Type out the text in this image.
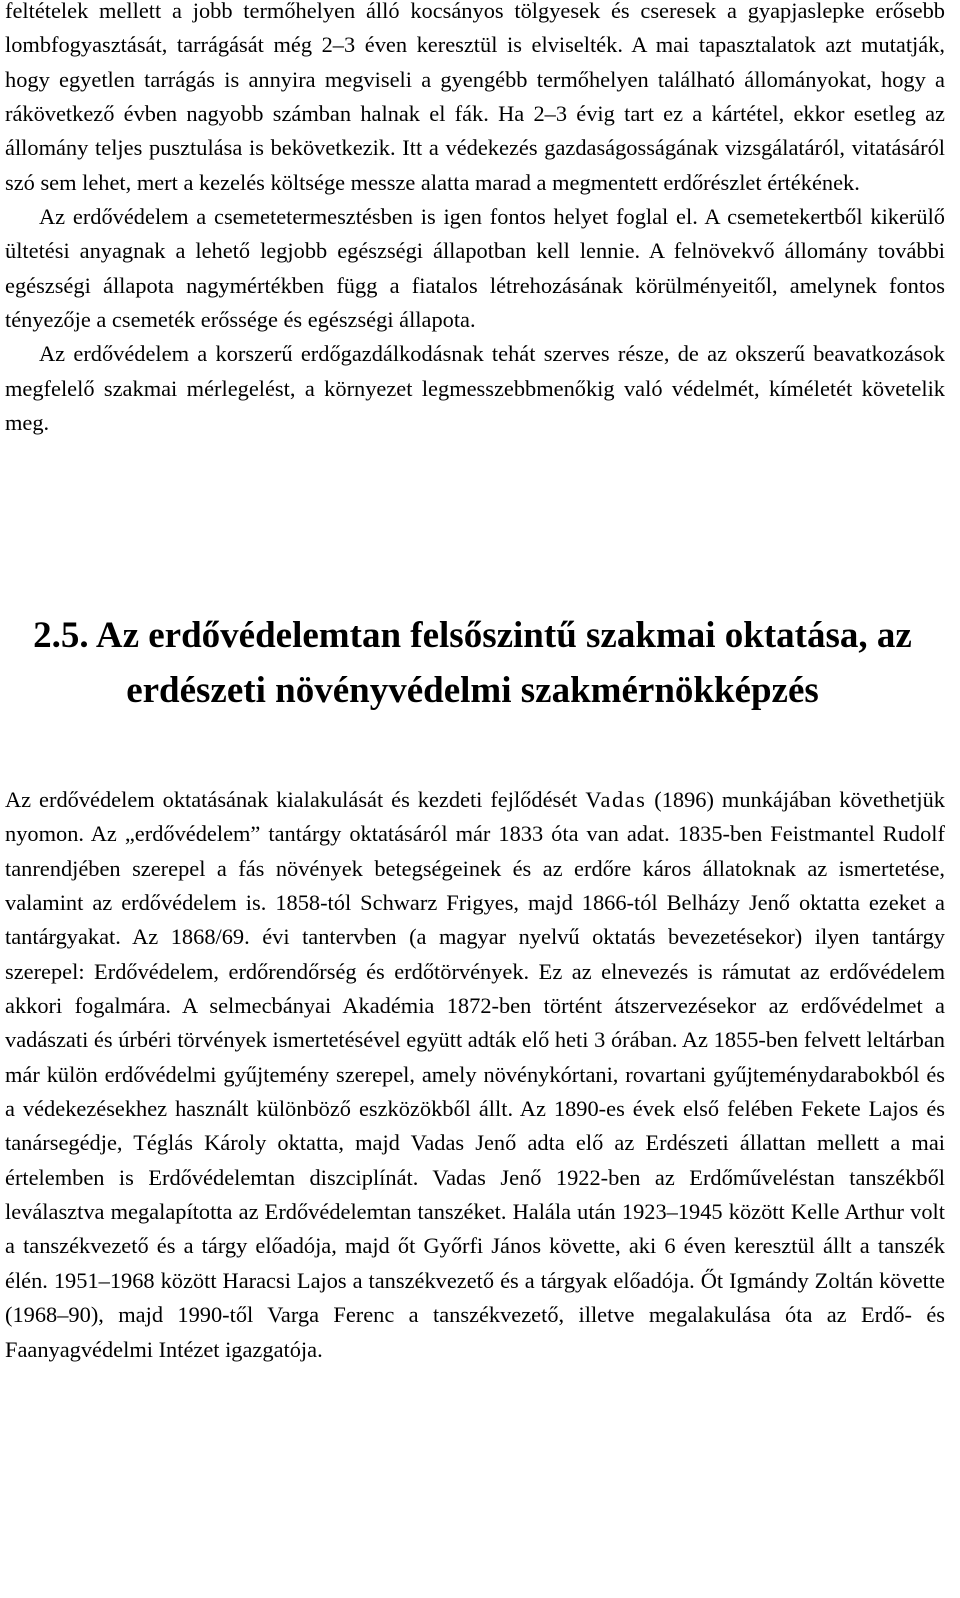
feltételek mellett a jobb termőhelyen álló kocsányos tölgyesek és cseresek a gyapjaslepke erősebb lombfogyasztását, tarrágását még 2–3 éven keresztül is elviselték. A mai tapasztalatok azt mutatják, hogy egyetlen tarrágás is annyira megviseli a gyengébb termőhelyen található állományokat, hogy a rákövetkező évben nagyobb számban halnak el fák. Ha 2–3 évig tart ez a kártétel, ekkor esetleg az állomány teljes pusztulása is bekövetkezik. Itt a védekezés gazdaságosságának vizsgálatáról, vitatásáról szó sem lehet, mert a kezelés költsége messze alatta marad a megmentett erdőrészlet értékének.

Az erdővédelem a csemetetermesztésben is igen fontos helyet foglal el. A csemetekertből kikerülő ültetési anyagnak a lehető legjobb egészségi állapotban kell lennie. A felnövekvő állomány további egészségi állapota nagymértékben függ a fiatalos létrehozásának körülményeitől, amelynek fontos tényezője a csemeték erőssége és egészségi állapota.

Az erdővédelem a korszerű erdőgazdálkodásnak tehát szerves része, de az okszerű beavatkozások megfelelő szakmai mérlegelést, a környezet legmesszebbmenőkig való védelmét, kíméletét követelik meg.

2.5. Az erdővédelemtan felsőszintű szakmai oktatása, az erdészeti növényvédelmi szakmérnökképzés

Az erdővédelem oktatásának kialakulását és kezdeti fejlődését Vadas (1896) munkájában követhetjük nyomon. Az „erdővédelem” tantárgy oktatásáról már 1833 óta van adat. 1835-ben Feistmantel Rudolf tanrendjében szerepel a fás növények betegségeinek és az erdőre káros állatoknak az ismertetése, valamint az erdővédelem is. 1858-tól Schwarz Frigyes, majd 1866-tól Belházy Jenő oktatta ezeket a tantárgyakat. Az 1868/69. évi tantervben (a magyar nyelvű oktatás bevezetésekor) ilyen tantárgy szerepel: Erdővédelem, erdőrendőrség és erdőtörvények. Ez az elnevezés is rámutat az erdővédelem akkori fogalmára. A selmecbányai Akadémia 1872-ben történt átszervezésekor az erdővédelmet a vadászati és úrbéri törvények ismertetésével együtt adták elő heti 3 órában. Az 1855-ben felvett leltárban már külön erdővédelmi gyűjtemény szerepel, amely növénykórtani, rovartani gyűjteménydarabokból és a védekezésekhez használt különböző eszközökből állt. Az 1890-es évek első felében Fekete Lajos és tanársegédje, Téglás Károly oktatta, majd Vadas Jenő adta elő az Erdészeti állattan mellett a mai értelemben is Erdővédelemtan diszciplínát. Vadas Jenő 1922-ben az Erdőműveléstan tanszékből leválasztva megalapította az Erdővédelemtan tanszéket. Halála után 1923–1945 között Kelle Arthur volt a tanszékvezető és a tárgy előadója, majd őt Győrfi János követte, aki 6 éven keresztül állt a tanszék élén. 1951–1968 között Haracsi Lajos a tanszékvezető és a tárgyak előadója. Őt Igmándy Zoltán követte (1968–90), majd 1990-től Varga Ferenc a tanszékvezető, illetve megalakulása óta az Erdő- és Faanyagvédelmi Intézet igazgatója.
